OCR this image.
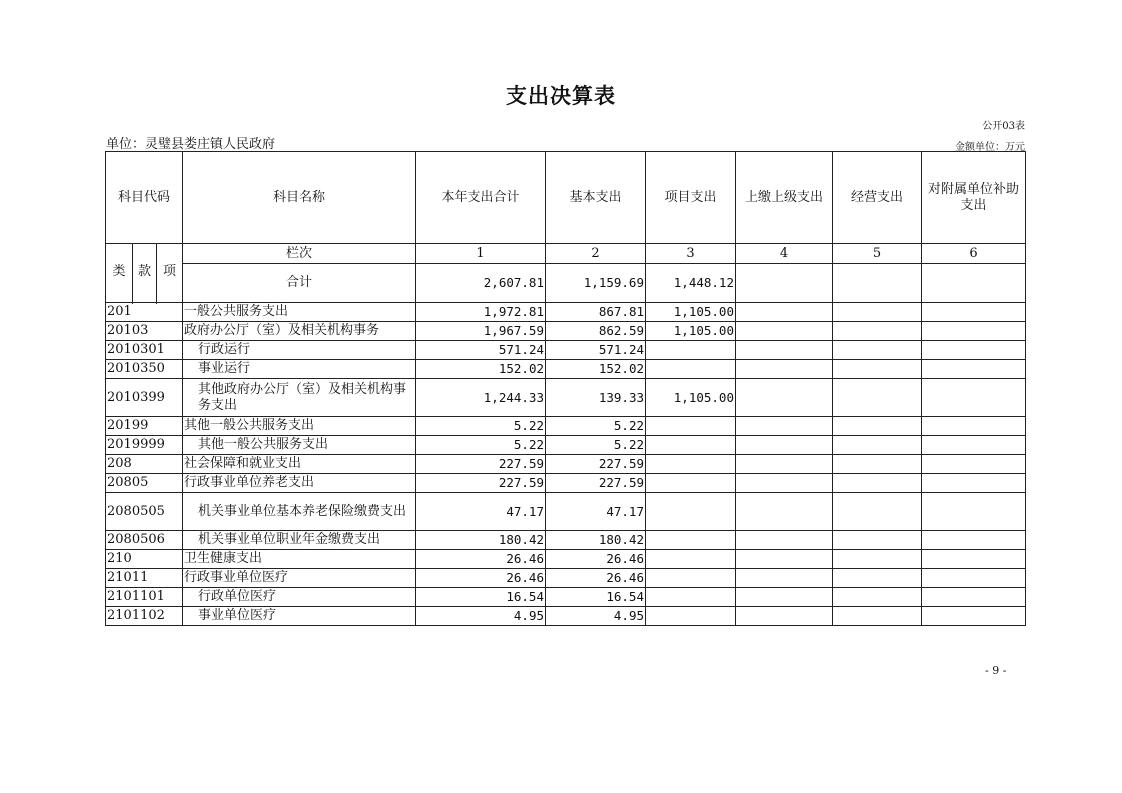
支出决算表
公开03表
单位：灵璧县娄庄镇人民政府	金额单位：万元
科目代码			科目名称	本年支出合计	基本支出	项目支出	上缴上级支出	经营支出	对附属单位补助支出
类	款	项	栏次	1	2	3	4	5	6
			合计	2,607.81	1,159.69	1,448.12			

201			一般公共服务支出	1,972.81	867.81	1,105.00			
20103			政府办公厅（室）及相关机构事务	1,967.59	862.59	1,105.00			
2010301			行政运行	571.24	571.24				
2010350			事业运行	152.02	152.02				
2010399			其他政府办公厅（室）及相关机构事务支出	1,244.33	139.33	1,105.00			
20199			其他一般公共服务支出	5.22	5.22				
2019999			其他一般公共服务支出	5.22	5.22				
208			社会保障和就业支出	227.59	227.59				
20805			行政事业单位养老支出	227.59	227.59				
2080505			机关事业单位基本养老保险缴费支出	47.17	47.17				
2080506			机关事业单位职业年金缴费支出	180.42	180.42				
210			卫生健康支出	26.46	26.46				
21011			行政事业单位医疗	26.46	26.46				
2101101			行政单位医疗	16.54	16.54				
2101102			事业单位医疗	4.95	4.95				
- 9 -
